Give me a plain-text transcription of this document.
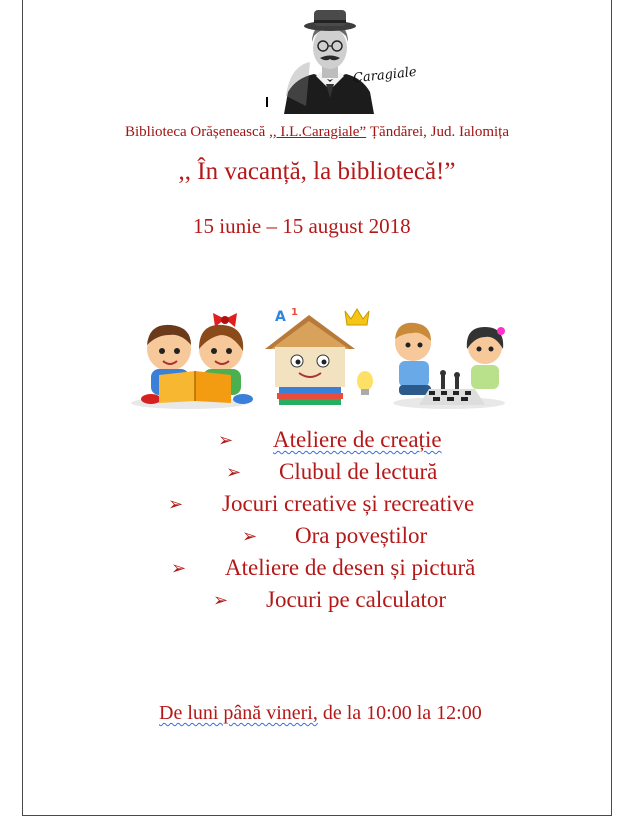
Caragiale
Biblioteca Orășenească ,, I.L.Caragiale” Țăndărei, Jud. Ialomița
,, În vacanță, la bibliotecă!”
15 iunie – 15 august 2018
A 1
➢ Ateliere de creație
➢ Clubul de lectură
➢ Jocuri creative și recreative
➢ Ora poveștilor
➢ Ateliere de desen și pictură
➢ Jocuri pe calculator
De luni până vineri, de la 10:00 la 12:00
